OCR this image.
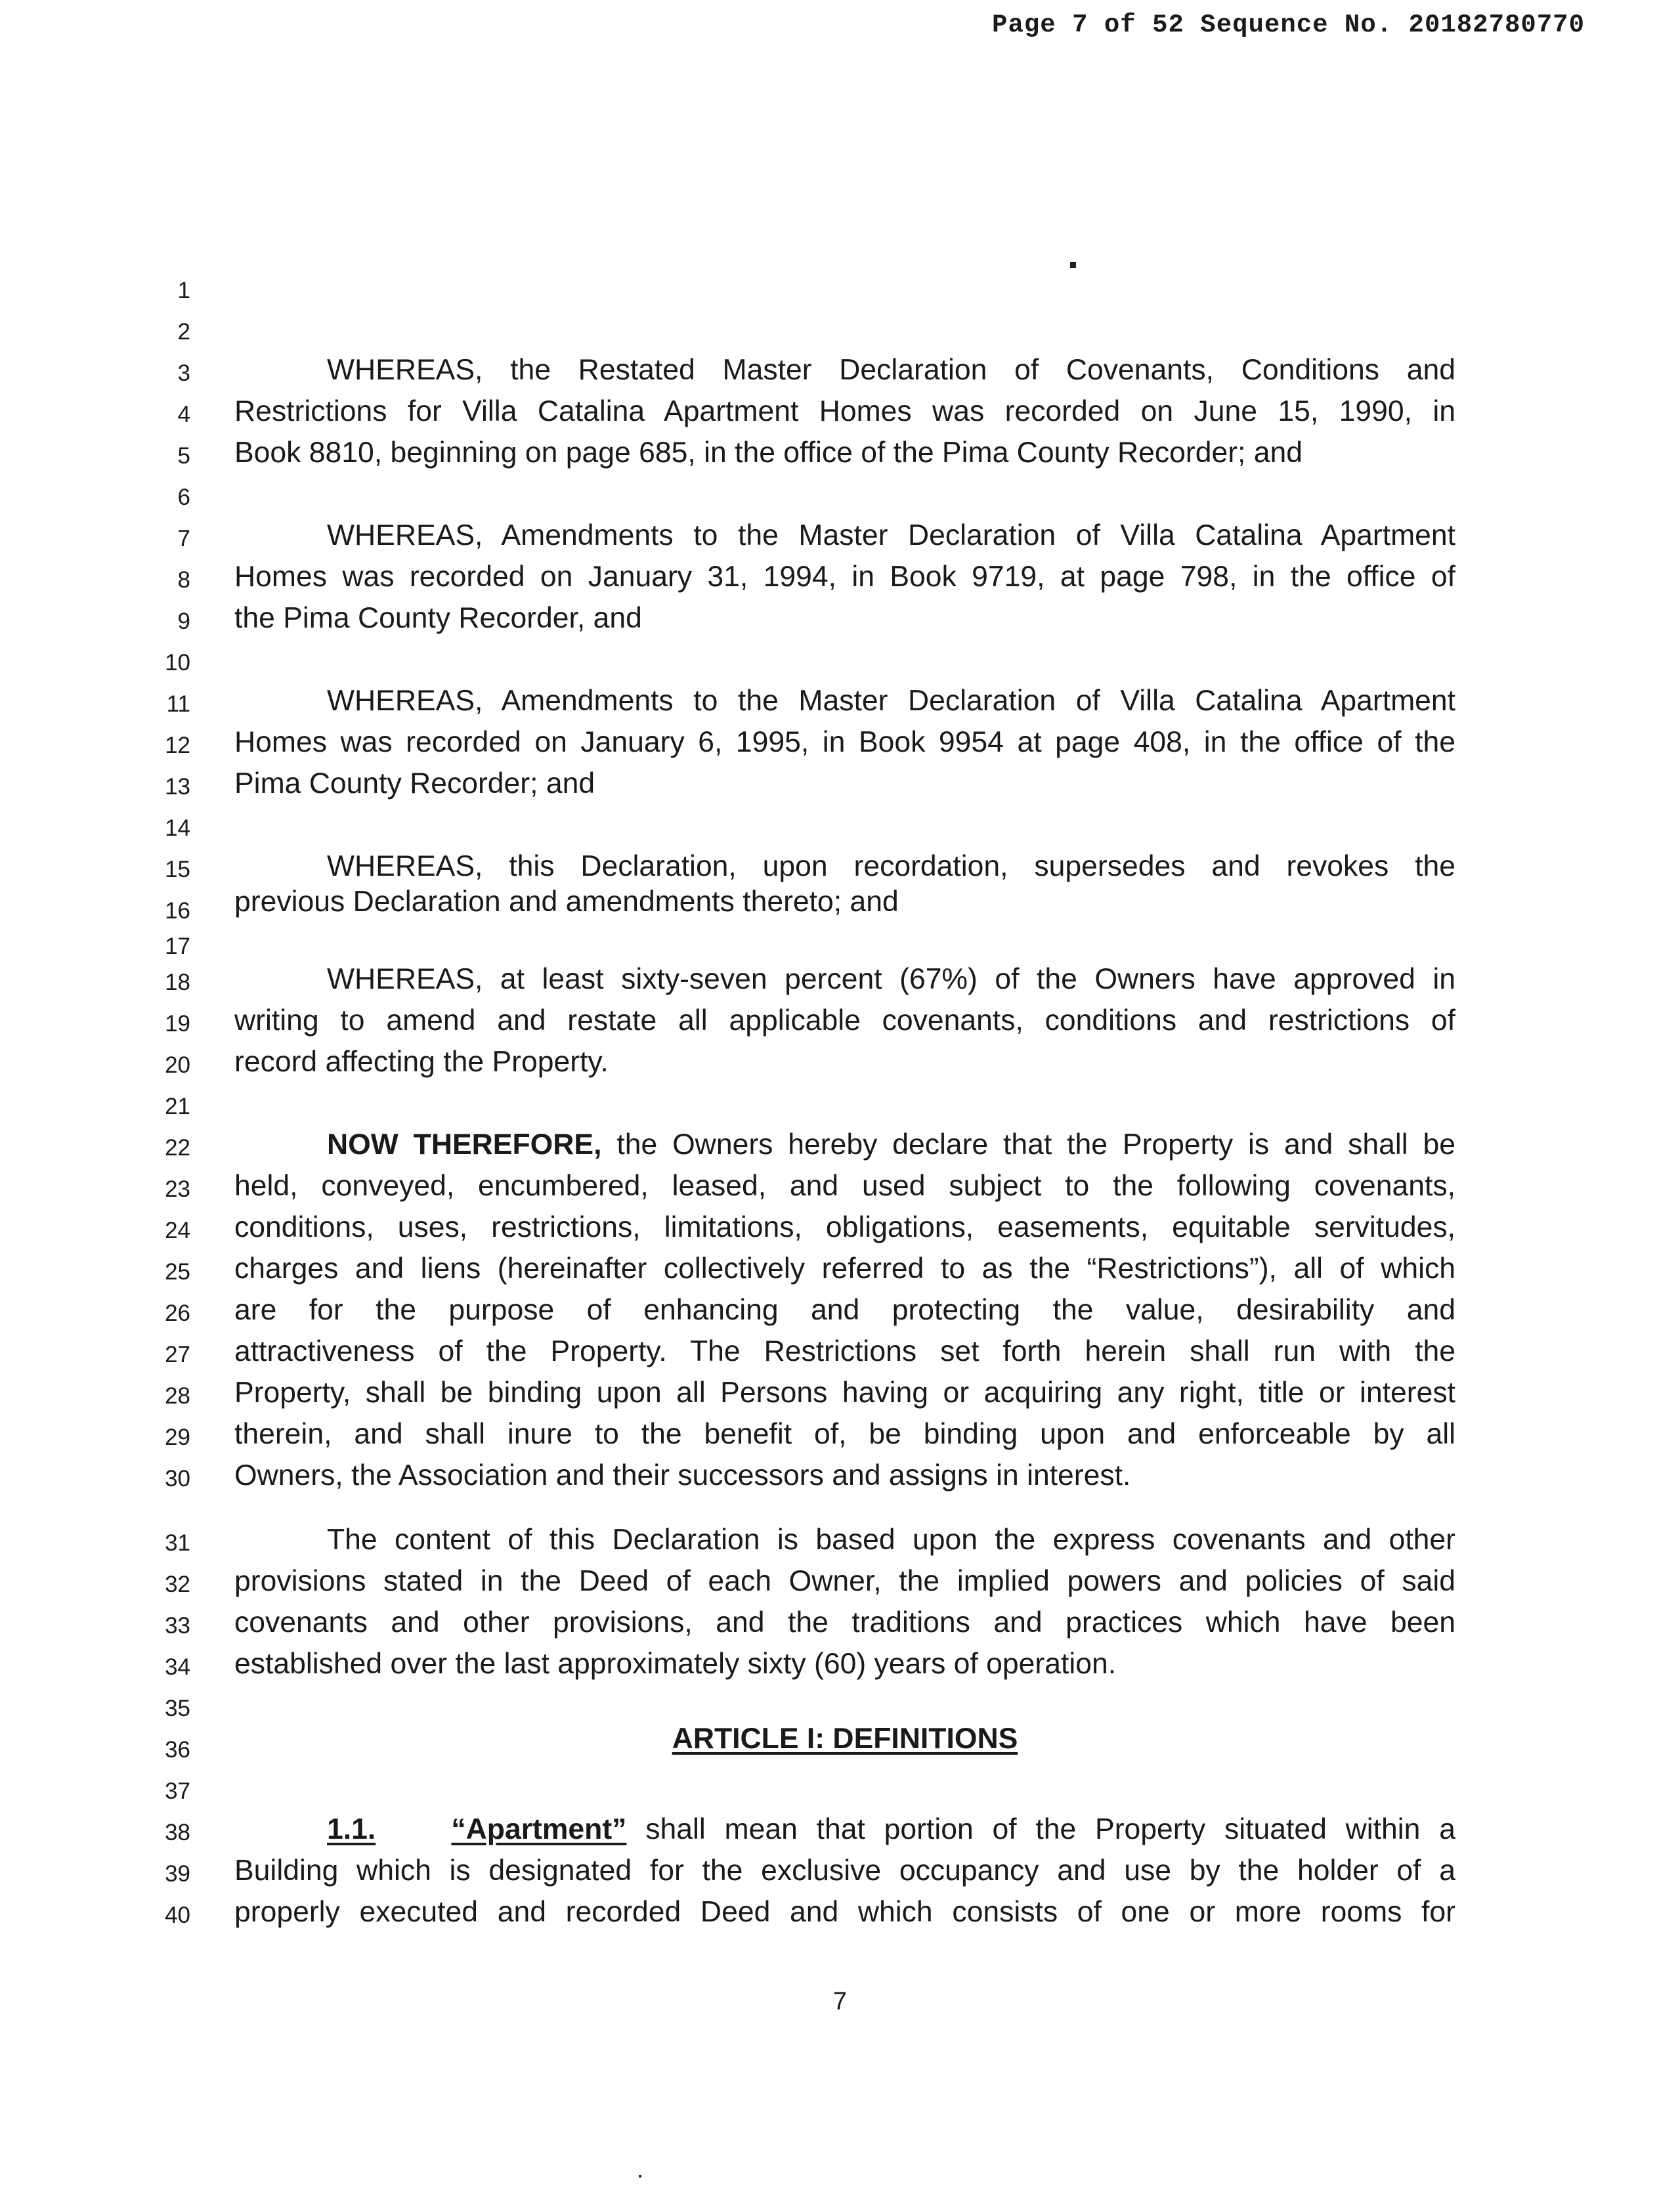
Page 7 of 52 Sequence No. 20182780770
1
2
3
4
5
6
7
8
9
10
11
12
13
14
15
16
17
18
19
20
21
22
23
24
25
26
27
28
29
30
31
32
33
34
35
36
37
38
39
40
WHEREAS, the Restated Master Declaration of Covenants, Conditions and
Restrictions for Villa Catalina Apartment Homes was recorded on June 15, 1990, in
Book 8810, beginning on page 685, in the office of the Pima County Recorder; and
WHEREAS, Amendments to the Master Declaration of Villa Catalina Apartment
Homes was recorded on January 31, 1994, in Book 9719, at page 798, in the office of
the Pima County Recorder, and
WHEREAS, Amendments to the Master Declaration of Villa Catalina Apartment
Homes was recorded on January 6, 1995, in Book 9954 at page 408, in the office of the
Pima County Recorder; and
WHEREAS, this Declaration, upon recordation, supersedes and revokes the
previous Declaration and amendments thereto; and
WHEREAS, at least sixty-seven percent (67%) of the Owners have approved in
writing to amend and restate all applicable covenants, conditions and restrictions of
record affecting the Property.
NOW THEREFORE, the Owners hereby declare that the Property is and shall be
held, conveyed, encumbered, leased, and used subject to the following covenants,
conditions, uses, restrictions, limitations, obligations, easements, equitable servitudes,
charges and liens (hereinafter collectively referred to as the “Restrictions”), all of which
are for the purpose of enhancing and protecting the value, desirability and
attractiveness of the Property. The Restrictions set forth herein shall run with the
Property, shall be binding upon all Persons having or acquiring any right, title or interest
therein, and shall inure to the benefit of, be binding upon and enforceable by all
Owners, the Association and their successors and assigns in interest.
The content of this Declaration is based upon the express covenants and other
provisions stated in the Deed of each Owner, the implied powers and policies of said
covenants and other provisions, and the traditions and practices which have been
established over the last approximately sixty (60) years of operation.
ARTICLE I: DEFINITIONS
1.1.	“Apartment” shall mean that portion of the Property situated within a
Building which is designated for the exclusive occupancy and use by the holder of a
properly executed and recorded Deed and which consists of one or more rooms for
7
